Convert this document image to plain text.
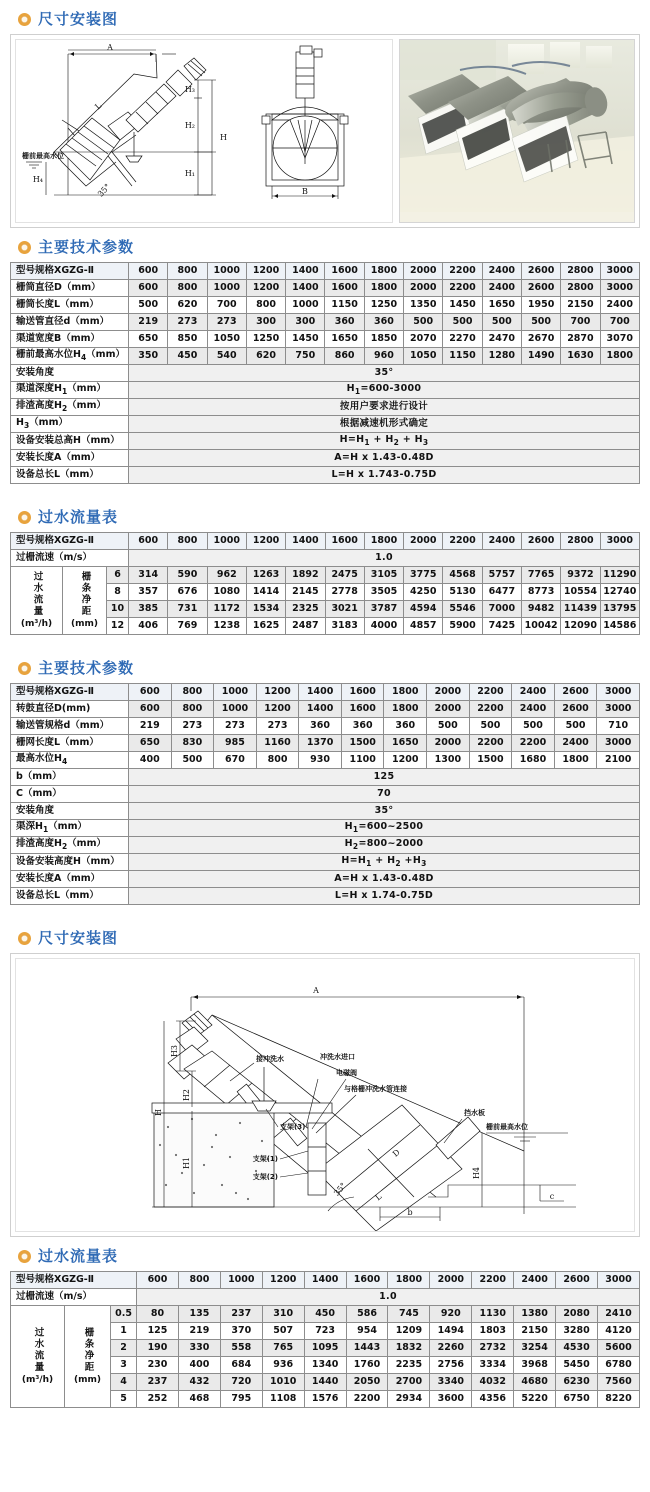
尺寸安装图
A
H₃
H₂
H₁
H
L
栅前最高水位
H₄
35°	B
主要技术参数
型号规格XGZG-Ⅱ	600	800	1000	1200	1400	1600	1800	2000	2200	2400	2600	2800	3000
栅筒直径D（mm）	600	800	1000	1200	1400	1600	1800	2000	2200	2400	2600	2800	3000
栅筒长度L（mm）	500	620	700	800	1000	1150	1250	1350	1450	1650	1950	2150	2400
输送管直径d（mm）	219	273	273	300	300	360	360	500	500	500	500	700	700
渠道宽度B（mm）	650	850	1050	1250	1450	1650	1850	2070	2270	2470	2670	2870	3070
栅前最高水位$H_4(mm)$	350	450	540	620	750	860	960	1050	1150	1280	1490	1630	1800
安装角度	35°												
渠道深度$H_1(mm)$	$H_1=600-3000$												
排渣高度$H_2(mm)$	按用户要求进行设计												
$H_3(mm)$	根据减速机形式确定												
设备安装总高H（mm）	$H=H_1 + H_2 + H_3$
安装长度A（mm）	A=H x 1.43-0.48D												
设备总长L（mm）	L=H x 1.743-0.75D												
过水流量表
型号规格XGZG-Ⅱ			600	800	1000	1200	1400	1600	1800	2000	2200	2400	2600	2800	3000
过栅流速（m/s）			1.0												

过水流量
(m³/h)	栅条净距
(mm)	6	314	590	962	1263	1892	2475	3105	3775	4568	5757	7765	9372	11290
		8	357	676	1080	1414	2145	2778	3505	4250	5130	6477	8773	10554	12740
		10	385	731	1172	1534	2325	3021	3787	4594	5546	7000	9482	11439	13795
		12	406	769	1238	1625	2487	3183	4000	4857	5900	7425	10042	12090	14586
主要技术参数
型号规格XGZG-Ⅱ	600	800	1000	1200	1400	1600	1800	2000	2200	2400	2600	3000
转鼓直径D(mm)	600	800	1000	1200	1400	1600	1800	2000	2200	2400	2600	3000
输送管规格d（mm）	219	273	273	273	360	360	360	500	500	500	500	710
栅网长度L（mm）	650	830	985	1160	1370	1500	1650	2000	2200	2200	2400	3000
最高水位$H_4$	400	500	670	800	930	1100	1200	1300	1500	1680	1800	2100
b（mm）	125											
C（mm）	70											
安装角度	35°											
渠深$H_1(mm)$	$H_1=600\sim 2500$											
排渣高度$H_2(mm)$	$H_2=800\sim 2000$											
设备安装高度H（mm）	$H=H_1 + H_2 +H_3$
安装长度A（mm）	A=H x 1.43-0.48D											
设备总长L（mm）	L=H x 1.74-0.75D											
尺寸安装图
A
D
L
H
H3
H2
H1
栅前最高水位
H4
c
b
35°
接冲洗水	冲洗水进口
电磁阀
与格栅冲洗水管连接
挡水板
支架(3)
支架(1)
支架(2)
过水流量表
型号规格XGZG-Ⅱ			600	800	1000	1200	1400	1600	1800	2000	2200	2400	2600	3000
过栅流速（m/s）			1.0											

过水流量
(m³/h)	栅条净距
(mm)	0.5	80	135	237	310	450	586	745	920	1130	1380	2080	2410
		1	125	219	370	507	723	954	1209	1494	1803	2150	3280	4120
		2	190	330	558	765	1095	1443	1832	2260	2732	3254	4530	5600
		3	230	400	684	936	1340	1760	2235	2756	3334	3968	5450	6780
		4	237	432	720	1010	1440	2050	2700	3340	4032	4680	6230	7560
		5	252	468	795	1108	1576	2200	2934	3600	4356	5220	6750	8220
